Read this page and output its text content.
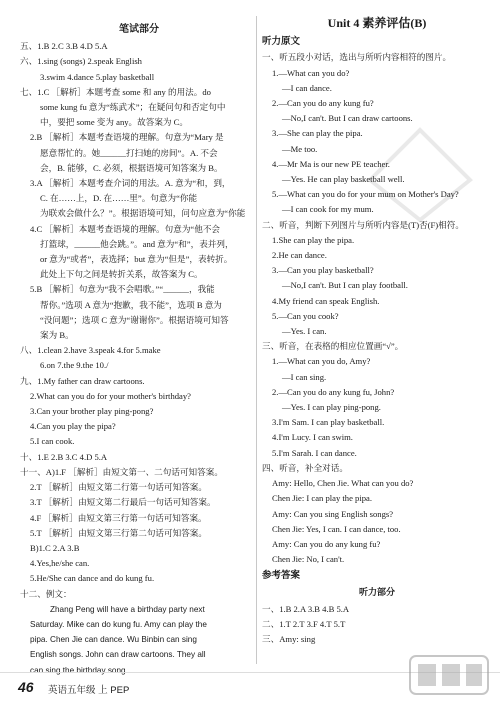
笔试部分
五、1.B 2.C 3.B 4.D 5.A
六、1.sing (songs) 2.speak English
3.swim 4.dance 5.play basketball
七、1.C ［解析］本题考查 some 和 any 的用法。do
some kung fu 意为“练武术”；在疑问句和否定句中
中，要把 some 变为 any。故答案为 C。
2.B ［解析］本题考查语境的理解。句意为“Mary 是
愿意帮忙的。她______打扫她的房间”。A. 不会
会，B. 能够，C. 必须，根据语境可知答案为 B。
3.A ［解析］本题考查介词的用法。A. 意为“和，到，
C. 在……上，D. 在……里”。句意为“你能
为联欢会做什么？”。根据语境可知，问句应意为“你能
4.C ［解析］本题考查语境的理解。句意为“他不会
打篮球，______他会跳。”。and 意为“和”，表并列，
or 意为“或者”，表选择；but 意为“但是”，表转折。
此处上下句之间是转折关系，故答案为 C。
5.B ［解析］句意为“我不会唱歌。”“______，我能
帮你。”选项 A 意为“抱歉，我不能”，选项 B 意为
“没问题”；选项 C 意为“谢谢你”。根据语境可知答
案为 B。
八、1.clean 2.have 3.speak 4.for 5.make
6.on 7.the 9.the 10./
九、1.My father can draw cartoons.
2.What can you do for your mother's birthday?
3.Can your brother play ping-pong?
4.Can you play the pipa?
5.I can cook.
十、1.E 2.B 3.C 4.D 5.A
十一、A)1.F ［解析］由短文第一、二句话可知答案。
2.T ［解析］由短文第二行第一句话可知答案。
3.T ［解析］由短文第二行最后一句话可知答案。
4.F ［解析］由短文第三行第一句话可知答案。
5.T ［解析］由短文第三行第二句话可知答案。
B)1.C 2.A 3.B
4.Yes,he/she can.
5.He/She can dance and do kung fu.
十二、例文：
Zhang Peng will have a birthday party next
Saturday. Mike can do kung fu. Amy can play the
pipa. Chen Jie can dance. Wu Binbin can sing
English songs. John can draw cartoons. They all
can sing the birthday song.
Unit 4 素养评估(B)
听力原文
一、听五段小对话，选出与所听内容相符的图片。
1.—What can you do?
—I can dance.
2.—Can you do any kung fu?
—No,I can't. But I can draw cartoons.
3.—She can play the pipa.
—Me too.
4.—Mr Ma is our new PE teacher.
—Yes. He can play basketball well.
5.—What can you do for your mum on Mother's Day?
—I can cook for my mum.
二、听音，判断下列图片与所听内容是(T)否(F)相符。
1.She can play the pipa.
2.He can dance.
3.—Can you play basketball?
—No,I can't. But I can play football.
4.My friend can speak English.
5.—Can you cook?
—Yes. I can.
三、听音，在表格的相应位置画“√”。
1.—What can you do, Amy?
—I can sing.
2.—Can you do any kung fu, John?
—Yes. I can play ping-pong.
3.I'm Sam. I can play basketball.
4.I'm Lucy. I can swim.
5.I'm Sarah. I can dance.
四、听音，补全对话。
Amy: Hello, Chen Jie. What can you do?
Chen Jie: I can play the pipa.
Amy: Can you sing English songs?
Chen Jie: Yes, I can. I can dance, too.
Amy: Can you do any kung fu?
Chen Jie: No, I can't.
参考答案
听力部分
一、1.B 2.A 3.B 4.B 5.A
二、1.T 2.T 3.F 4.T 5.T
三、Amy: sing
46 英语五年级 上 PEP
